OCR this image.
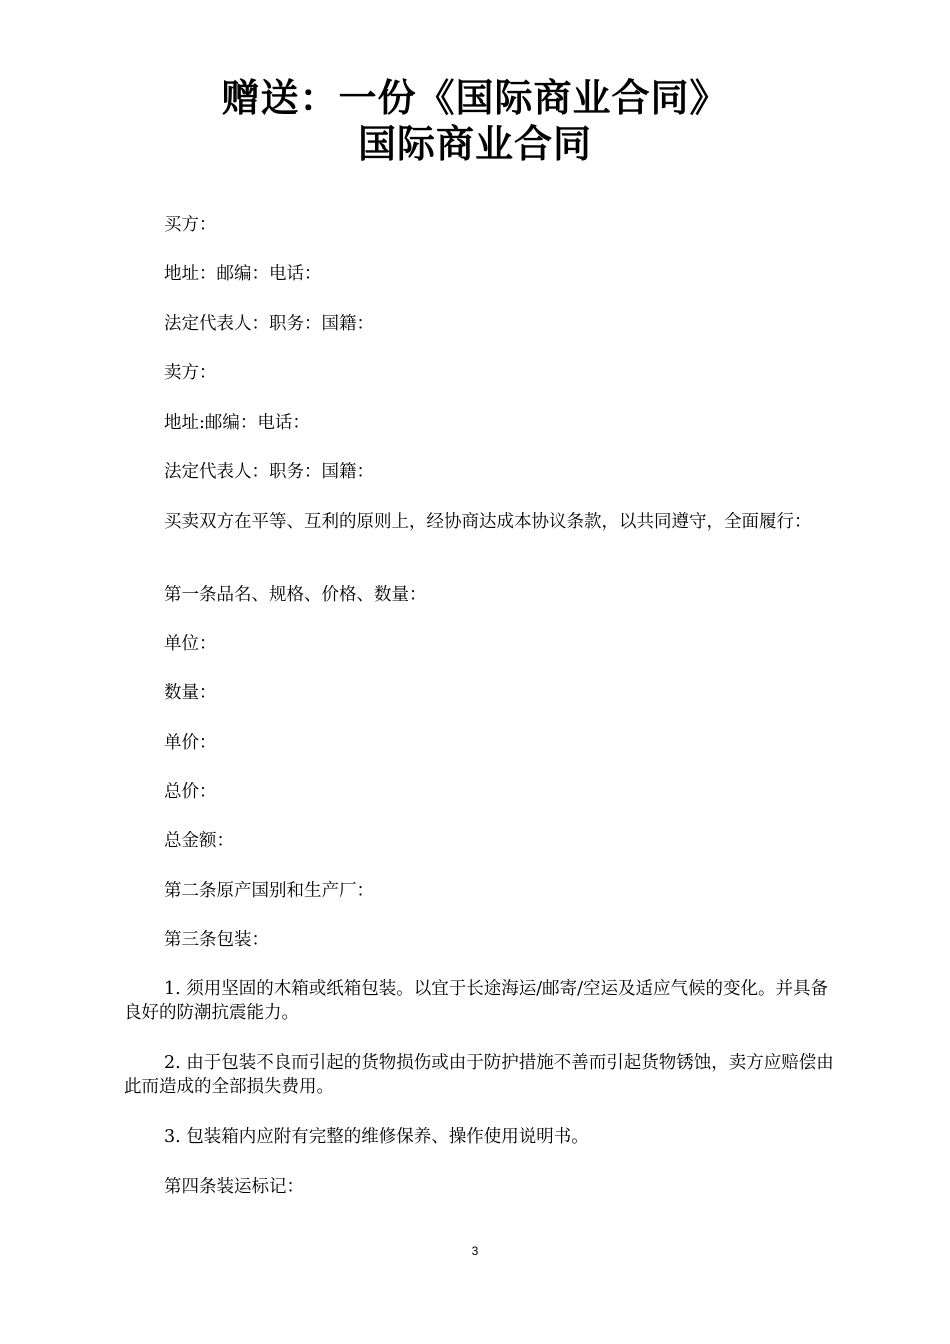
赠送：一份《国际商业合同》
国际商业合同
买方：
地址：邮编：电话：
法定代表人：职务：国籍：
卖方：
地址:邮编：电话：
法定代表人：职务：国籍：
买卖双方在平等、互利的原则上，经协商达成本协议条款，以共同遵守，全面履行：
第一条品名、规格、价格、数量：
单位：
数量：
单价：
总价：
总金额：
第二条原产国别和生产厂：
第三条包装：
1. 须用坚固的木箱或纸箱包装。以宜于长途海运/邮寄/空运及适应气候的变化。并具备良好的防潮抗震能力。
2. 由于包装不良而引起的货物损伤或由于防护措施不善而引起货物锈蚀，卖方应赔偿由此而造成的全部损失费用。
3. 包装箱内应附有完整的维修保养、操作使用说明书。
第四条装运标记：
3
